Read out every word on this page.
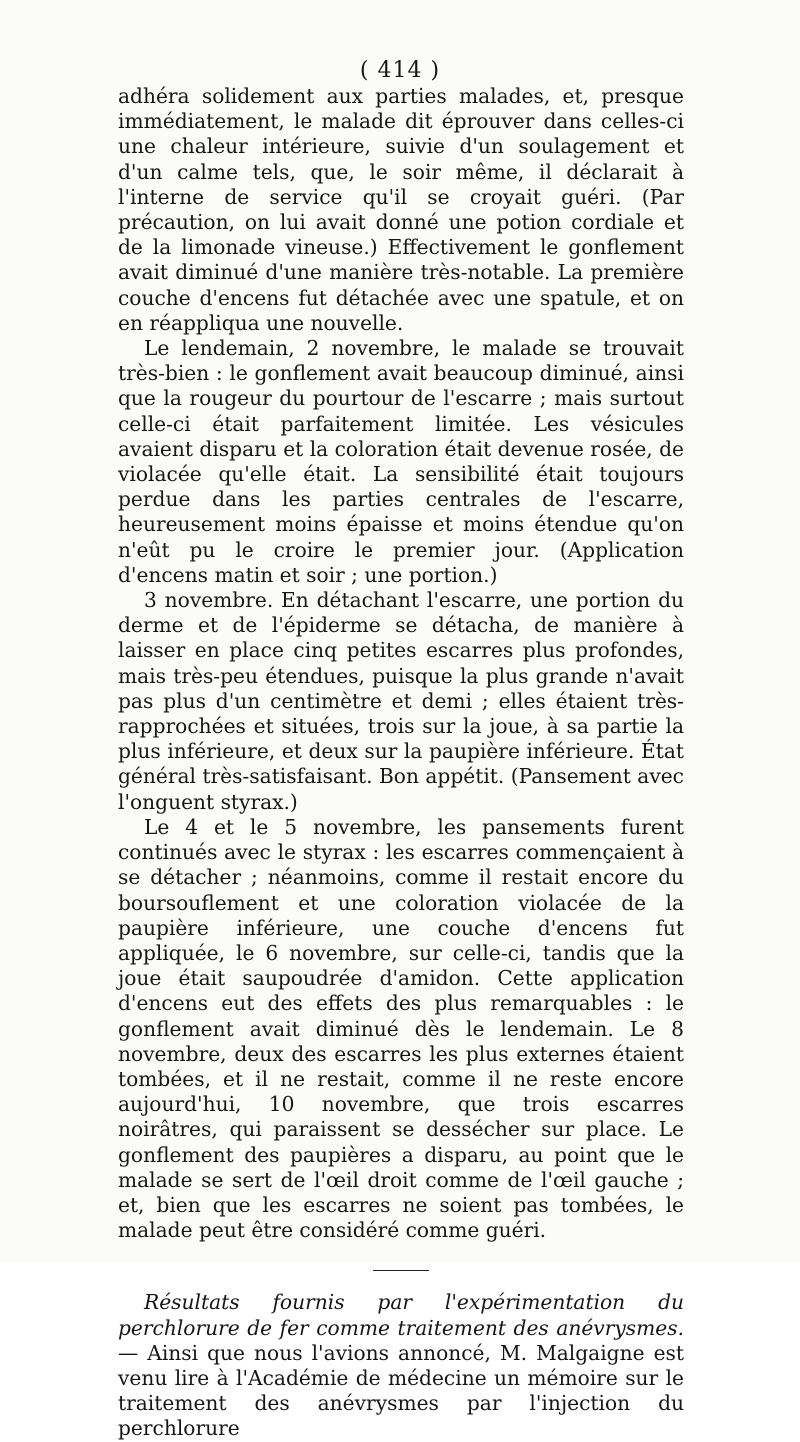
( 414 )

adhéra solidement aux parties malades, et, presque immédiatement, le malade dit éprouver dans celles-ci une chaleur intérieure, suivie d'un soulagement et d'un calme tels, que, le soir même, il déclarait à l'interne de service qu'il se croyait guéri. (Par précaution, on lui avait donné une potion cordiale et de la limonade vineuse.) Effectivement le gonflement avait diminué d'une manière très-notable. La première couche d'encens fut détachée avec une spatule, et on en réappliqua une nouvelle.

Le lendemain, 2 novembre, le malade se trouvait très-bien : le gonflement avait beaucoup diminué, ainsi que la rougeur du pourtour de l'escarre ; mais surtout celle-ci était parfaitement limitée. Les vésicules avaient disparu et la coloration était devenue rosée, de violacée qu'elle était. La sensibilité était toujours perdue dans les parties centrales de l'escarre, heureusement moins épaisse et moins étendue qu'on n'eût pu le croire le premier jour. (Application d'encens matin et soir ; une portion.)

3 novembre. En détachant l'escarre, une portion du derme et de l'épiderme se détacha, de manière à laisser en place cinq petites escarres plus profondes, mais très-peu étendues, puisque la plus grande n'avait pas plus d'un centimètre et demi ; elles étaient très-rapprochées et situées, trois sur la joue, à sa partie la plus inférieure, et deux sur la paupière inférieure. État général très-satisfaisant. Bon appétit. (Pansement avec l'onguent styrax.)

Le 4 et le 5 novembre, les pansements furent continués avec le styrax : les escarres commençaient à se détacher ; néanmoins, comme il restait encore du boursouflement et une coloration violacée de la paupière inférieure, une couche d'encens fut appliquée, le 6 novembre, sur celle-ci, tandis que la joue était saupoudrée d'amidon. Cette application d'encens eut des effets des plus remarquables : le gonflement avait diminué dès le lendemain. Le 8 novembre, deux des escarres les plus externes étaient tombées, et il ne restait, comme il ne reste encore aujourd'hui, 10 novembre, que trois escarres noirâtres, qui paraissent se dessécher sur place. Le gonflement des paupières a disparu, au point que le malade se sert de l'œil droit comme de l'œil gauche ; et, bien que les escarres ne soient pas tombées, le malade peut être considéré comme guéri.

Résultats fournis par l'expérimentation du perchlorure de fer comme traitement des anévrysmes. — Ainsi que nous l'avions annoncé, M. Malgaigne est venu lire à l'Académie de médecine un mémoire sur le traitement des anévrysmes par l'injection du perchlorure
